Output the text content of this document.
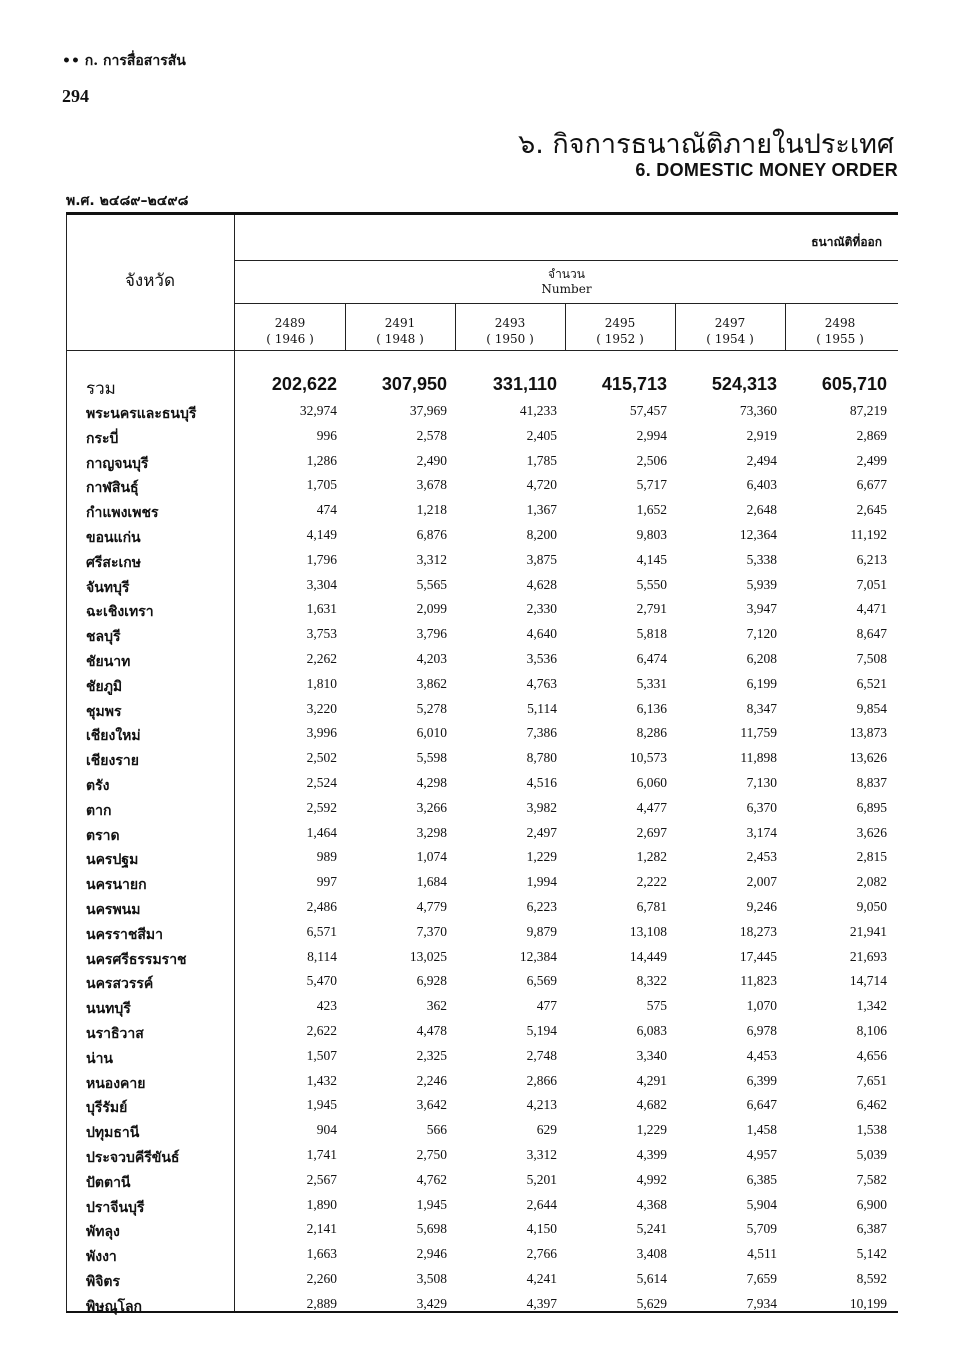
•• ก. การสื่อสารสัน
294
๖. กิจการธนาณัติภายในประเทศ
6. DOMESTIC MONEY ORDER
พ.ศ. ๒๔๘๙–๒๔๙๘
จังหวัด
ธนาณัติที่ออก
จำนวน
Number
2489
( 1946 )
2491
( 1948 )
2493
( 1950 )
2495
( 1952 )
2497
( 1954 )
2498
( 1955 )
รวม	202,622	307,950	331,110	415,713	524,313	605,710
พระนครและธนบุรี	32,974	37,969	41,233	57,457	73,360	87,219
กระบี่	996	2,578	2,405	2,994	2,919	2,869
กาญจนบุรี	1,286	2,490	1,785	2,506	2,494	2,499
กาฬสินธุ์	1,705	3,678	4,720	5,717	6,403	6,677
กำแพงเพชร	474	1,218	1,367	1,652	2,648	2,645
ขอนแก่น	4,149	6,876	8,200	9,803	12,364	11,192
ศรีสะเกษ	1,796	3,312	3,875	4,145	5,338	6,213
จันทบุรี	3,304	5,565	4,628	5,550	5,939	7,051
ฉะเชิงเทรา	1,631	2,099	2,330	2,791	3,947	4,471
ชลบุรี	3,753	3,796	4,640	5,818	7,120	8,647
ชัยนาท	2,262	4,203	3,536	6,474	6,208	7,508
ชัยภูมิ	1,810	3,862	4,763	5,331	6,199	6,521
ชุมพร	3,220	5,278	5,114	6,136	8,347	9,854
เชียงใหม่	3,996	6,010	7,386	8,286	11,759	13,873
เชียงราย	2,502	5,598	8,780	10,573	11,898	13,626
ตรัง	2,524	4,298	4,516	6,060	7,130	8,837
ตาก	2,592	3,266	3,982	4,477	6,370	6,895
ตราด	1,464	3,298	2,497	2,697	3,174	3,626
นครปฐม	989	1,074	1,229	1,282	2,453	2,815
นครนายก	997	1,684	1,994	2,222	2,007	2,082
นครพนม	2,486	4,779	6,223	6,781	9,246	9,050
นครราชสีมา	6,571	7,370	9,879	13,108	18,273	21,941
นครศรีธรรมราช	8,114	13,025	12,384	14,449	17,445	21,693
นครสวรรค์	5,470	6,928	6,569	8,322	11,823	14,714
นนทบุรี	423	362	477	575	1,070	1,342
นราธิวาส	2,622	4,478	5,194	6,083	6,978	8,106
น่าน	1,507	2,325	2,748	3,340	4,453	4,656
หนองคาย	1,432	2,246	2,866	4,291	6,399	7,651
บุรีรัมย์	1,945	3,642	4,213	4,682	6,647	6,462
ปทุมธานี	904	566	629	1,229	1,458	1,538
ประจวบคีรีขันธ์	1,741	2,750	3,312	4,399	4,957	5,039
ปัตตานี	2,567	4,762	5,201	4,992	6,385	7,582
ปราจีนบุรี	1,890	1,945	2,644	4,368	5,904	6,900
พัทลุง	2,141	5,698	4,150	5,241	5,709	6,387
พังงา	1,663	2,946	2,766	3,408	4,511	5,142
พิจิตร	2,260	3,508	4,241	5,614	7,659	8,592
พิษณุโลก	2,889	3,429	4,397	5,629	7,934	10,199
